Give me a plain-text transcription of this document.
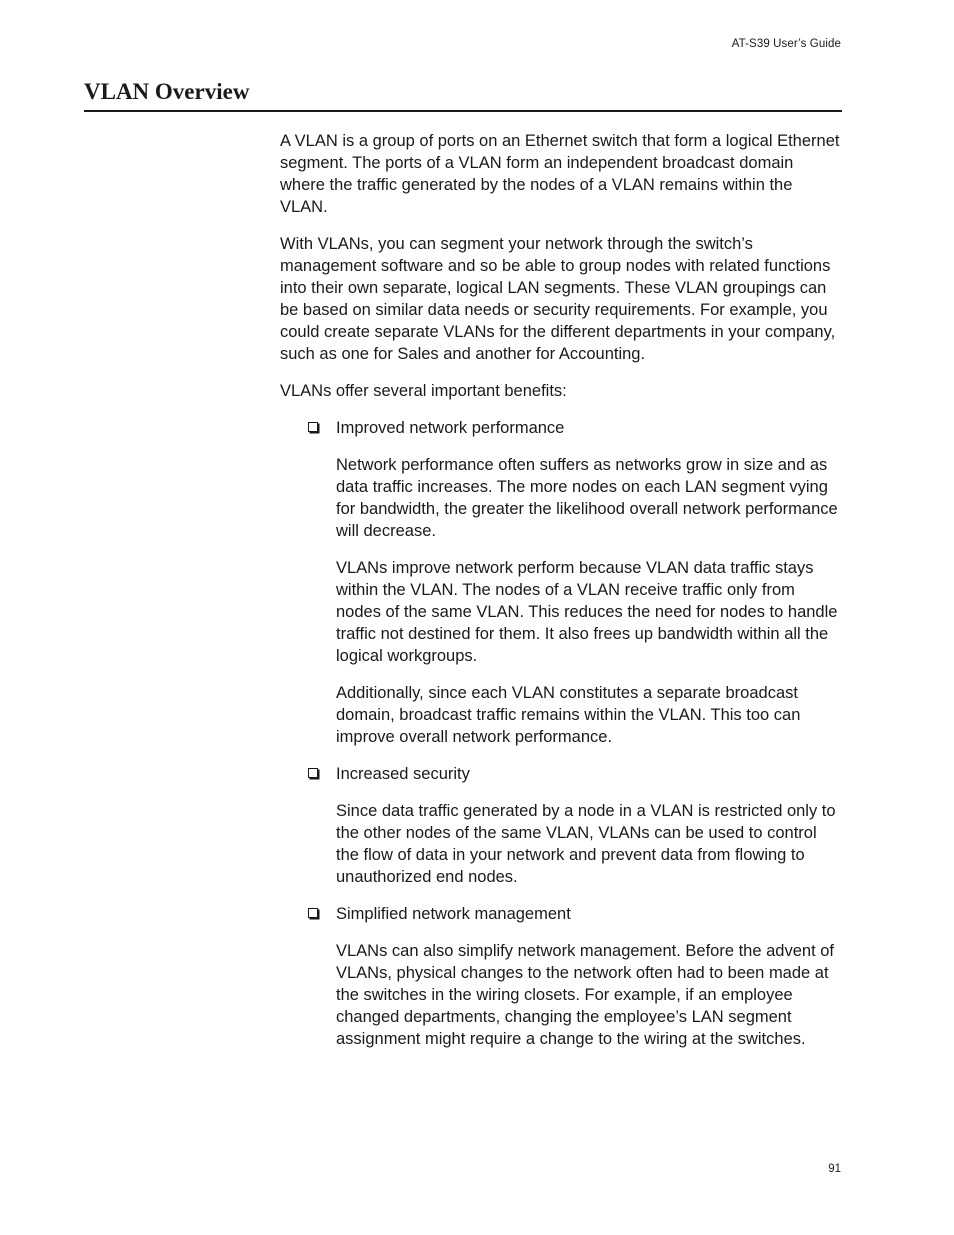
AT-S39 User’s Guide

VLAN Overview

A VLAN is a group of ports on an Ethernet switch that form a logical Ethernet segment. The ports of a VLAN form an independent broadcast domain where the traffic generated by the nodes of a VLAN remains within the VLAN.

With VLANs, you can segment your network through the switch’s management software and so be able to group nodes with related functions into their own separate, logical LAN segments. These VLAN groupings can be based on similar data needs or security requirements. For example, you could create separate VLANs for the different departments in your company, such as one for Sales and another for Accounting.

VLANs offer several important benefits:

Improved network performance

Network performance often suffers as networks grow in size and as data traffic increases. The more nodes on each LAN segment vying for bandwidth, the greater the likelihood overall network performance will decrease.

VLANs improve network perform because VLAN data traffic stays within the VLAN. The nodes of a VLAN receive traffic only from nodes of the same VLAN. This reduces the need for nodes to handle traffic not destined for them. It also frees up bandwidth within all the logical workgroups.

Additionally, since each VLAN constitutes a separate broadcast domain, broadcast traffic remains within the VLAN. This too can improve overall network performance.

Increased security

Since data traffic generated by a node in a VLAN is restricted only to the other nodes of the same VLAN, VLANs can be used to control the flow of data in your network and prevent data from flowing to unauthorized end nodes.

Simplified network management

VLANs can also simplify network management. Before the advent of VLANs, physical changes to the network often had to been made at the switches in the wiring closets. For example, if an employee changed departments, changing the employee’s LAN segment assignment might require a change to the wiring at the switches.

91
